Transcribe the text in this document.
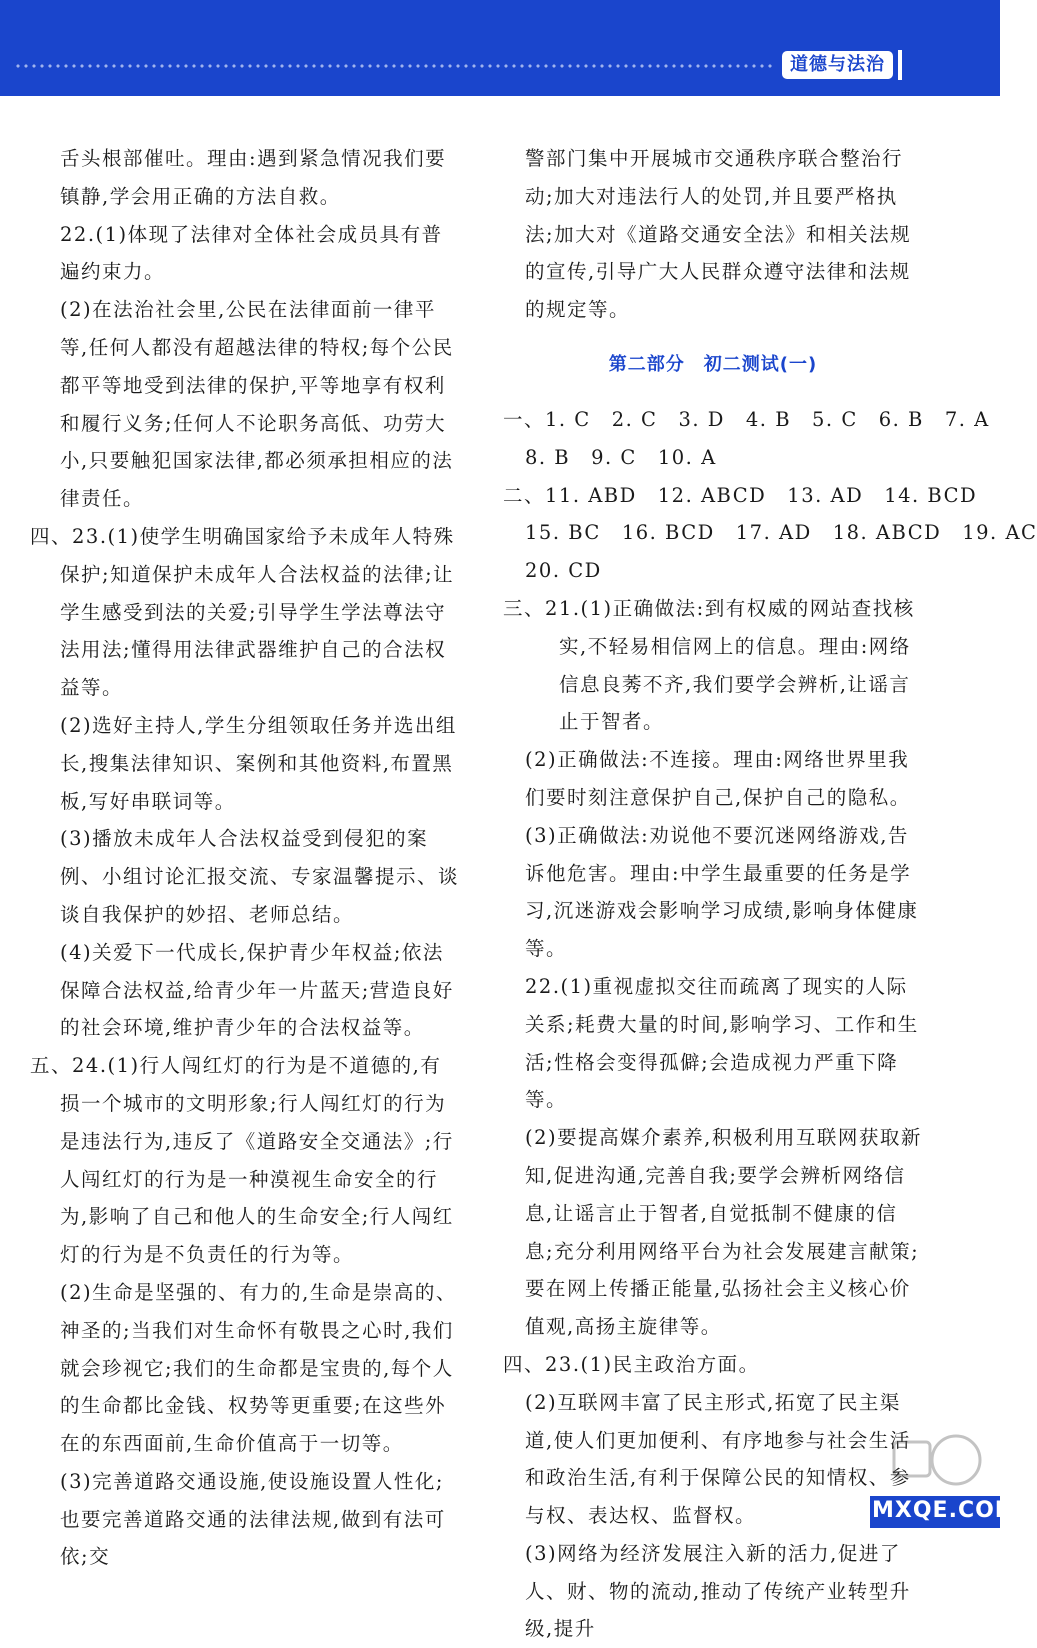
道德与法治

舌头根部催吐。理由:遇到紧急情况我们要镇静,学会用正确的方法自救。

22.(1)体现了法律对全体社会成员具有普遍约束力。

(2)在法治社会里,公民在法律面前一律平等,任何人都没有超越法律的特权;每个公民都平等地受到法律的保护,平等地享有权利和履行义务;任何人不论职务高低、功劳大小,只要触犯国家法律,都必须承担相应的法律责任。

四、23.(1)使学生明确国家给予未成年人特殊保护;知道保护未成年人合法权益的法律;让学生感受到法的关爱;引导学生学法尊法守法用法;懂得用法律武器维护自己的合法权益等。

(2)选好主持人,学生分组领取任务并选出组长,搜集法律知识、案例和其他资料,布置黑板,写好串联词等。

(3)播放未成年人合法权益受到侵犯的案例、小组讨论汇报交流、专家温馨提示、谈谈自我保护的妙招、老师总结。

(4)关爱下一代成长,保护青少年权益;依法保障合法权益,给青少年一片蓝天;营造良好的社会环境,维护青少年的合法权益等。

五、24.(1)行人闯红灯的行为是不道德的,有损一个城市的文明形象;行人闯红灯的行为是违法行为,违反了《道路安全交通法》;行人闯红灯的行为是一种漠视生命安全的行为,影响了自己和他人的生命安全;行人闯红灯的行为是不负责任的行为等。

(2)生命是坚强的、有力的,生命是崇高的、神圣的;当我们对生命怀有敬畏之心时,我们就会珍视它;我们的生命都是宝贵的,每个人的生命都比金钱、权势等更重要;在这些外在的东西面前,生命价值高于一切等。

(3)完善道路交通设施,使设施设置人性化;也要完善道路交通的法律法规,做到有法可依;交

警部门集中开展城市交通秩序联合整治行动;加大对违法行人的处罚,并且要严格执法;加大对《道路交通安全法》和相关法规的宣传,引导广大人民群众遵守法律和法规的规定等。

第二部分　初二测试(一)

一、1. C　2. C　3. D　4. B　5. C　6. B　7. A

8. B　9. C　10. A

二、11. ABD　12. ABCD　13. AD　14. BCD

15. BC　16. BCD　17. AD　18. ABCD　19. AC

20. CD

三、21.(1)正确做法:到有权威的网站查找核实,不轻易相信网上的信息。理由:网络信息良莠不齐,我们要学会辨析,让谣言止于智者。

(2)正确做法:不连接。理由:网络世界里我们要时刻注意保护自己,保护自己的隐私。

(3)正确做法:劝说他不要沉迷网络游戏,告诉他危害。理由:中学生最重要的任务是学习,沉迷游戏会影响学习成绩,影响身体健康等。

22.(1)重视虚拟交往而疏离了现实的人际关系;耗费大量的时间,影响学习、工作和生活;性格会变得孤僻;会造成视力严重下降等。

(2)要提高媒介素养,积极利用互联网获取新知,促进沟通,完善自我;要学会辨析网络信息,让谣言止于智者,自觉抵制不健康的信息;充分利用网络平台为社会发展建言献策;要在网上传播正能量,弘扬社会主义核心价值观,高扬主旋律等。

四、23.(1)民主政治方面。

(2)互联网丰富了民主形式,拓宽了民主渠道,使人们更加便利、有序地参与社会生活和政治生活,有利于保障公民的知情权、参与权、表达权、监督权。

(3)网络为经济发展注入新的活力,促进了人、财、物的流动,推动了传统产业转型升级,提升

MXQE.COM
